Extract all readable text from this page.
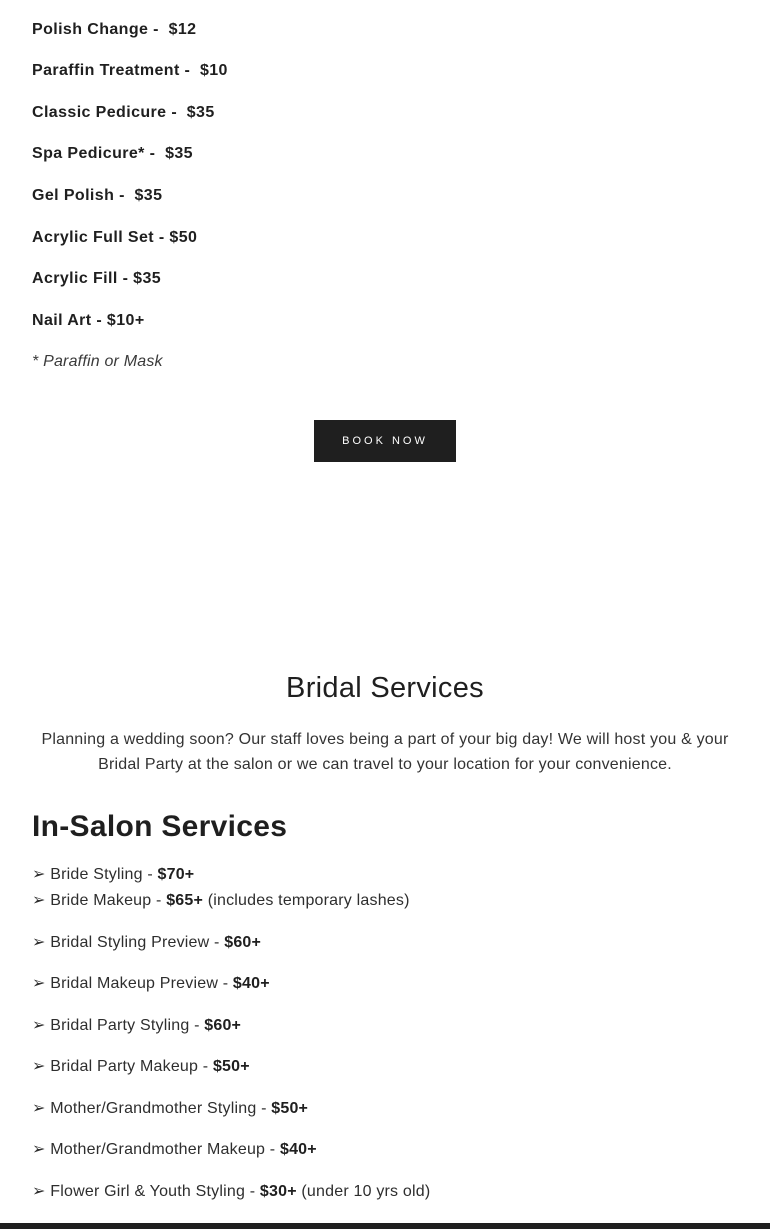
Polish Change -  $12
Paraffin Treatment -  $10
Classic Pedicure -  $35
Spa Pedicure* -  $35
Gel Polish -  $35
Acrylic Full Set - $50
Acrylic Fill - $35
Nail Art - $10+
* Paraffin or Mask
BOOK NOW
Bridal Services

Planning a wedding soon? Our staff loves being a part of your big day! We will host you & your Bridal Party at the salon or we can travel to your location for your convenience.

In-Salon Services
➢ Bride Styling - $70+
➢ Bride Makeup - $65+ (includes temporary lashes)
➢ Bridal Styling Preview - $60+
➢ Bridal Makeup Preview - $40+
➢ Bridal Party Styling - $60+
➢ Bridal Party Makeup - $50+
➢ Mother/Grandmother Styling - $50+
➢ Mother/Grandmother Makeup - $40+
➢ Flower Girl & Youth Styling - $30+ (under 10 yrs old)
